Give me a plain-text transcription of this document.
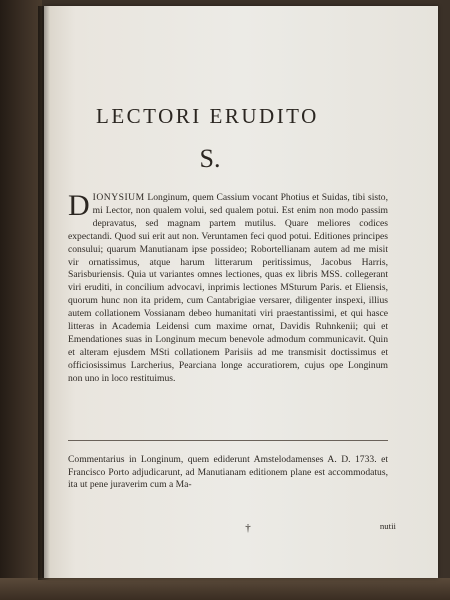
LECTORI ERUDITO
S.

DIONYSIUM Longinum, quem Cassium vocant Photius et Suidas, tibi sisto, mi Lector, non qualem volui, sed qualem potui. Est enim non modo passim depravatus, sed magnam partem mutilus. Quare meliores codices expectandi. Quod sui erit aut non. Veruntamen feci quod potui. Editiones principes consului; quarum Manutianam ipse possideo; Robortellianam autem ad me misit vir ornatissimus, atque harum litterarum peritissimus, Jacobus Harris, Sarisburiensis. Quia ut variantes omnes lectiones, quas ex libris MSS. collegerant viri eruditi, in concilium advocavi, inprimis lectiones MSturum Paris. et Eliensis, quorum hunc non ita pridem, cum Cantabrigiae versarer, diligenter inspexi, illius autem collationem Vossianam debeo humanitati viri praestantissimi, et qui hasce litteras in Academia Leidensi cum maxime ornat, Davidis Ruhnkenii; qui et Emendationes suas in Longinum mecum benevole admodum communicavit. Quin et alteram ejusdem MSti collationem Parisiis ad me transmisit doctissimus et officiosissimus Larcherius, Pearciana longe accuratiorem, cujus ope Longinum non uno in loco restituimus.

Commentarius in Longinum, quem ediderunt Amstelodamenses A. D. 1733. et Francisco Porto adjudicarunt, ad Manutianam editionem plane est accommodatus, ita ut pene juraverim cum a Ma-

†	nutii
